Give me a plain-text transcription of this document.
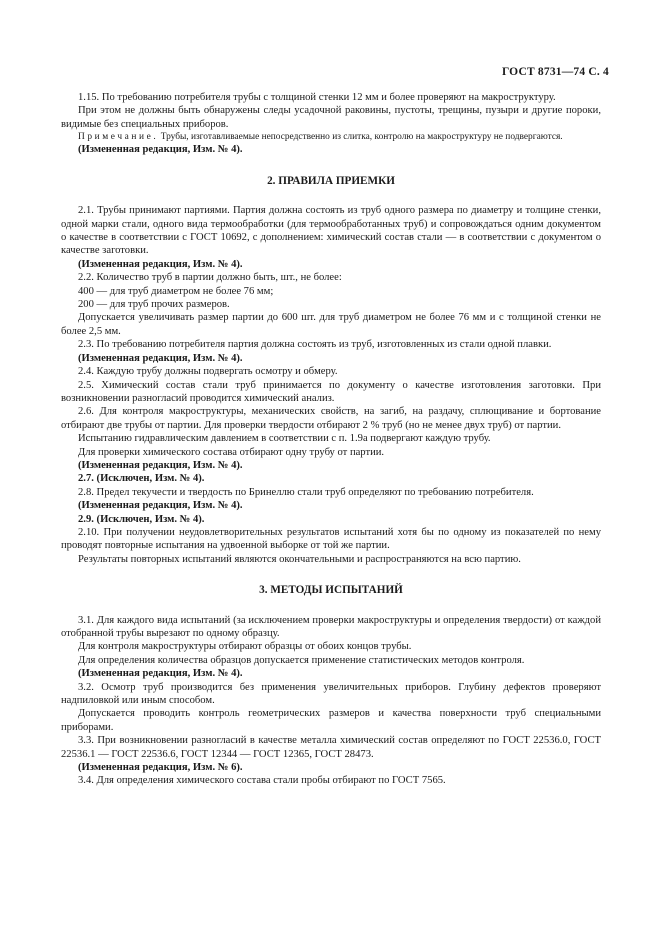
ГОСТ 8731—74 С. 4

1.15. По требованию потребителя трубы с толщиной стенки 12 мм и более проверяют на макроструктуру.

При этом не должны быть обнаружены следы усадочной раковины, пустоты, трещины, пузыри и другие пороки, видимые без специальных приборов.

Примечание. Трубы, изготавливаемые непосредственно из слитка, контролю на макроструктуру не подвергаются.

(Измененная редакция, Изм. № 4).

2. ПРАВИЛА ПРИЕМКИ

2.1. Трубы принимают партиями. Партия должна состоять из труб одного размера по диаметру и толщине стенки, одной марки стали, одного вида термообработки (для термообработанных труб) и сопровождаться одним документом о качестве в соответствии с ГОСТ 10692, с дополнением: химический состав стали — в соответствии с документом о качестве заготовки.

(Измененная редакция, Изм. № 4).

2.2. Количество труб в партии должно быть, шт., не более:

400 — для труб диаметром не более 76 мм;

200 — для труб прочих размеров.

Допускается увеличивать размер партии до 600 шт. для труб диаметром не более 76 мм и с толщиной стенки не более 2,5 мм.

2.3. По требованию потребителя партия должна состоять из труб, изготовленных из стали одной плавки.

(Измененная редакция, Изм. № 4).

2.4. Каждую трубу должны подвергать осмотру и обмеру.

2.5. Химический состав стали труб принимается по документу о качестве изготовления заготовки. При возникновении разногласий проводится химический анализ.

2.6. Для контроля макроструктуры, механических свойств, на загиб, на раздачу, сплющивание и бортование отбирают две трубы от партии. Для проверки твердости отбирают 2 % труб (но не менее двух труб) от партии.

Испытанию гидравлическим давлением в соответствии с п. 1.9а подвергают каждую трубу.

Для проверки химического состава отбирают одну трубу от партии.

(Измененная редакция, Изм. № 4).

2.7. (Исключен, Изм. № 4).

2.8. Предел текучести и твердость по Бринеллю стали труб определяют по требованию потребителя.

(Измененная редакция, Изм. № 4).

2.9. (Исключен, Изм. № 4).

2.10. При получении неудовлетворительных результатов испытаний хотя бы по одному из показателей по нему проводят повторные испытания на удвоенной выборке от той же партии.

Результаты повторных испытаний являются окончательными и распространяются на всю партию.

3. МЕТОДЫ ИСПЫТАНИЙ

3.1. Для каждого вида испытаний (за исключением проверки макроструктуры и определения твердости) от каждой отобранной трубы вырезают по одному образцу.

Для контроля макроструктуры отбирают образцы от обоих концов трубы.

Для определения количества образцов допускается применение статистических методов контроля.

(Измененная редакция, Изм. № 4).

3.2. Осмотр труб производится без применения увеличительных приборов. Глубину дефектов проверяют надпиловкой или иным способом.

Допускается проводить контроль геометрических размеров и качества поверхности труб специальными приборами.

3.3. При возникновении разногласий в качестве металла химический состав определяют по ГОСТ 22536.0, ГОСТ 22536.1 — ГОСТ 22536.6, ГОСТ 12344 — ГОСТ 12365, ГОСТ 28473.

(Измененная редакция, Изм. № 6).

3.4. Для определения химического состава стали пробы отбирают по ГОСТ 7565.
